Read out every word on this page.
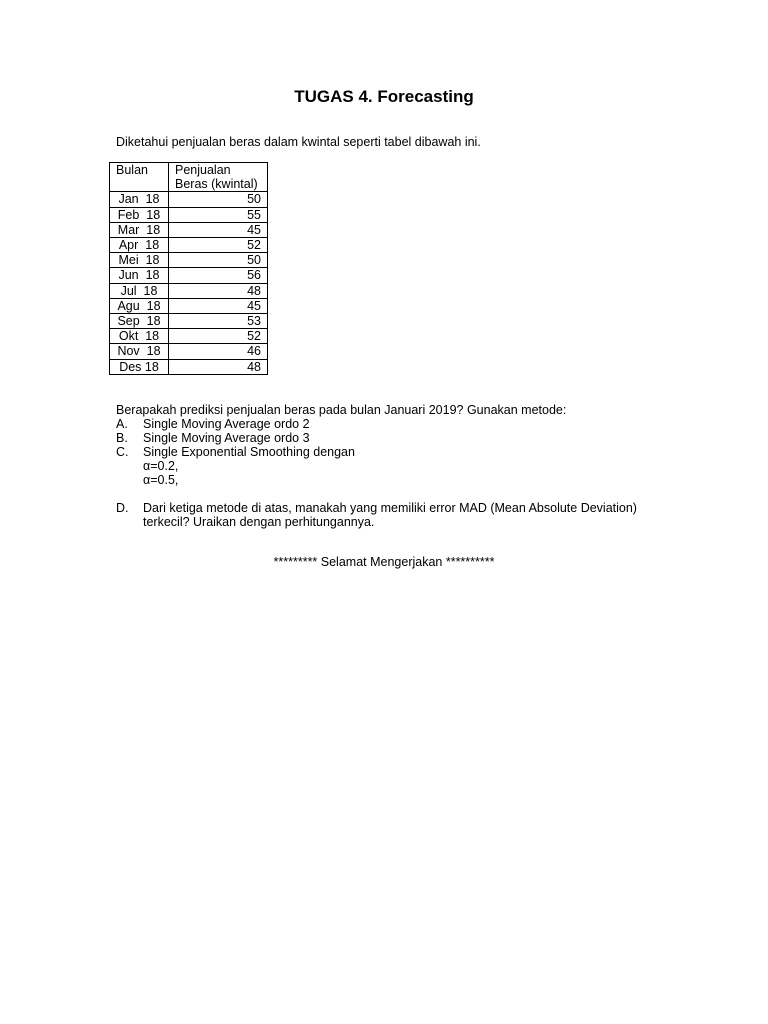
TUGAS 4. Forecasting
Diketahui penjualan beras dalam kwintal seperti tabel dibawah ini.
Bulan	Penjualan
Beras (kwintal)
Jan  18	50
Feb  18	55
Mar  18	45
Apr  18	52
Mei  18	50
Jun  18	56
Jul  18	48
Agu  18	45
Sep  18	53
Okt  18	52
Nov  18	46
Des 18	48
Berapakah prediksi penjualan beras pada bulan Januari 2019? Gunakan metode:
A.	Single Moving Average ordo 2
B.	Single Moving Average ordo 3
C.	Single Exponential Smoothing dengan
α=0.2,
α=0.5,
D.	Dari ketiga metode di atas, manakah yang memiliki error MAD (Mean Absolute Deviation)
terkecil? Uraikan dengan perhitungannya.
********* Selamat Mengerjakan **********
